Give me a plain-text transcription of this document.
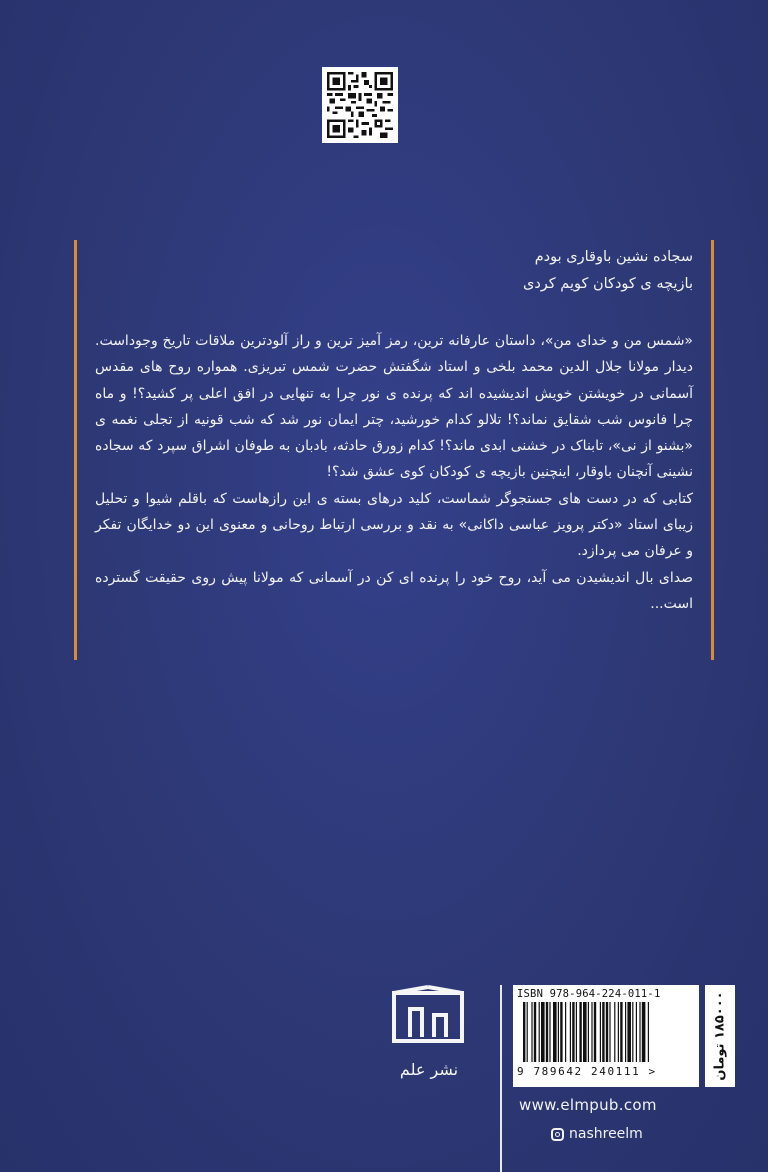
سجاده نشین باوقاری بودم

بازیچه ی کودکان کویم کردی

«شمس من و خدای من»، داستان عارفانه ترین، رمز آمیز ترین و راز آلودترین ملاقات تاریخ وجوداست. دیدار مولانا جلال الدین محمد بلخی و استاد شگفتش حضرت شمس تبریزی. همواره روح های مقدس آسمانی در خویشتن خویش اندیشیده اند که پرنده ی نور چرا به تنهایی در افق اعلی پر کشید؟! و ماه چرا فانوس شب شقایق نماند؟! تلالو کدام خورشید، چتر ایمان نور شد که شب قونیه از تجلی نغمه ی «بشنو از نی»، تابناک در خشنی ابدی ماند؟! کدام زورق حادثه، بادبان به طوفان اشراق سپرد که سجاده نشینی آنچنان باوقار، اینچنین بازیچه ی کودکان کوی عشق شد؟!

کتابی که در دست های جستجوگر شماست، کلید درهای بسته ی این رازهاست که باقلم شیوا و تحلیل زیبای استاد «دکتر پرویز عباسی داکانی» به نقد و بررسی ارتباط روحانی و معنوی این دو خدایگان تفکر و عرفان می پردازد.

صدای بال اندیشیدن می آید، روح خود را پرنده ای کن در آسمانی که مولانا پیش روی حقیقت گسترده است...

نشر علم
ISBN 978-964-224-011-1
9 789642 240111 >	۱۸۵۰۰۰ تومان
www.elmpub.com
nashreelm
